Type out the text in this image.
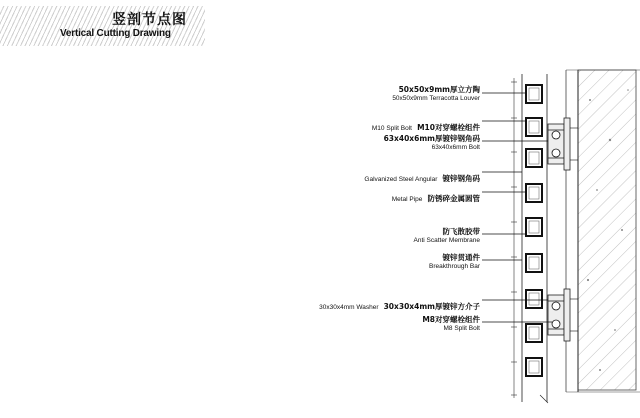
竖剖节点图
Vertical Cutting Drawing
50x50x9mm厚立方陶
50x50x9mm Terracotta Louver
M10 Split Bolt M10对穿螺栓组件
63x40x6mm厚镀锌钢角码
63x40x6mm Bolt
Galvanized Steel Angular 镀锌钢角码
Metal Pipe 防锈碎金属圆管
防飞散胶带
Anti Scatter Membrane
镀锌贯通件
Breakthrough Bar
30x30x4mm Washer 30x30x4mm厚镀锌方介子
M8对穿螺栓组件
M8 Split Bolt
